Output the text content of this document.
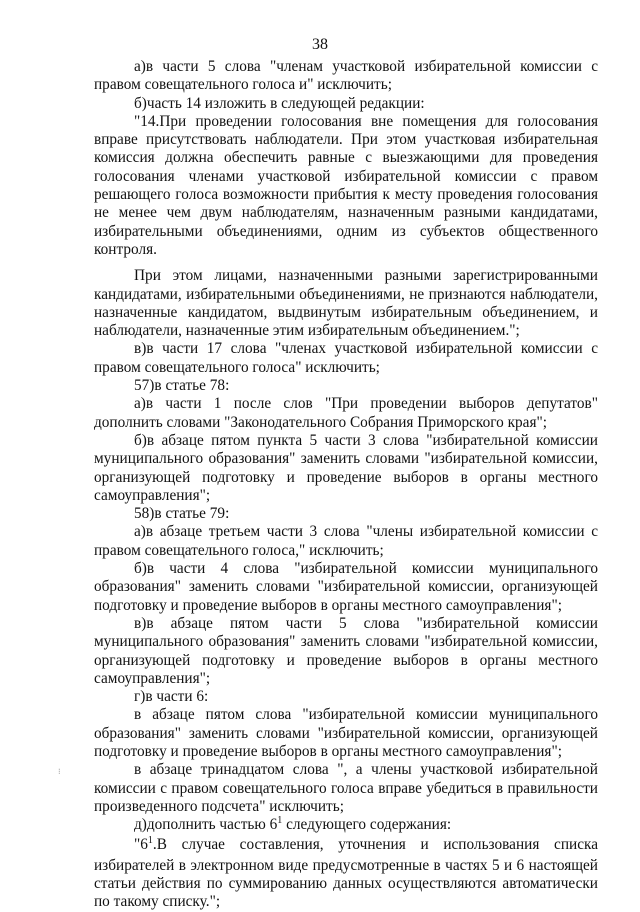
38

а)в части 5 слова "членам участковой избирательной комиссии с правом совещательного голоса и" исключить;

б)часть 14 изложить в следующей редакции:

"14.При проведении голосования вне помещения для голосования вправе присутствовать наблюдатели. При этом участковая избирательная комиссия должна обеспечить равные с выезжающими для проведения голосования членами участковой избирательной комиссии с правом решающего голоса возможности прибытия к месту проведения голосования не менее чем двум наблюдателям, назначенным разными кандидатами, избирательными объединениями, одним из субъектов общественного контроля.

При этом лицами, назначенными разными зарегистрированными кандидатами, избирательными объединениями, не признаются наблюдатели, назначенные кандидатом, выдвинутым избирательным объединением, и наблюдатели, назначенные этим избирательным объединением.";

в)в части 17 слова "членах участковой избирательной комиссии с правом совещательного голоса" исключить;

57)в статье 78:

а)в части 1 после слов "При проведении выборов депутатов" дополнить словами "Законодательного Собрания Приморского края";

б)в абзаце пятом пункта 5 части 3 слова "избирательной комиссии муниципального образования" заменить словами "избирательной комиссии, организующей подготовку и проведение выборов в органы местного самоуправления";

58)в статье 79:

а)в абзаце третьем части 3 слова "члены избирательной комиссии с правом совещательного голоса," исключить;

б)в части 4 слова "избирательной комиссии муниципального образования" заменить словами "избирательной комиссии, организующей подготовку и проведение выборов в органы местного самоуправления";

в)в абзаце пятом части 5 слова "избирательной комиссии муниципального образования" заменить словами "избирательной комиссии, организующей подготовку и проведение выборов в органы местного самоуправления";

г)в части 6:

в абзаце пятом слова "избирательной комиссии муниципального образования" заменить словами "избирательной комиссии, организующей подготовку и проведение выборов в органы местного самоуправления";

в абзаце тринадцатом слова ", а члены участковой избирательной комиссии с правом совещательного голоса вправе убедиться в правильности произведенного подсчета" исключить;

д)дополнить частью $6^1$ следующего содержания:

"$6^1.В$ случае составления, уточнения и использования списка избирателей в электронном виде предусмотренные в частях 5 и 6 настоящей статьи действия по суммированию данных осуществляются автоматически по такому списку.";

⁝
